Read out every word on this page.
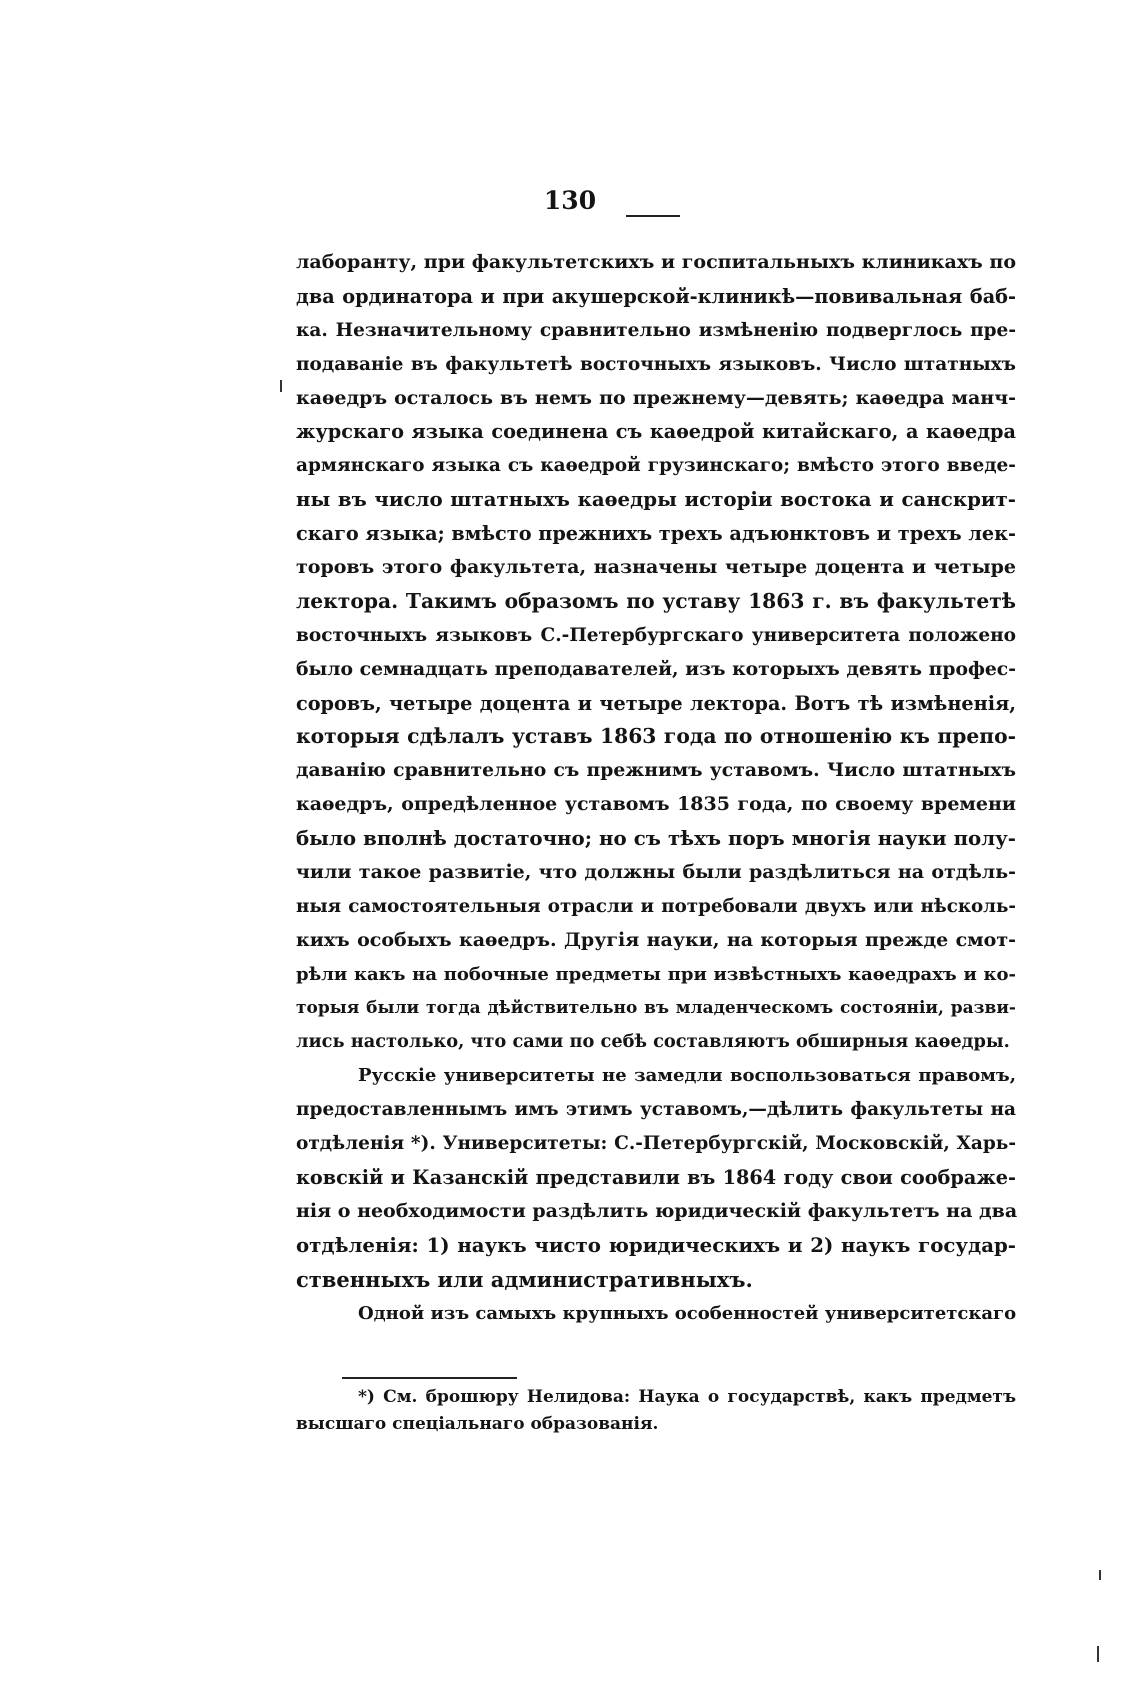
130
лаборанту, при факультетскихъ и госпитальныхъ клиникахъ по
два ординатора и при акушерской-клиникѣ—повивальная баб-
ка. Незначительному сравнительно измѣненію подверглось пре-
подаваніе въ факультетѣ восточныхъ языковъ. Число штатныхъ
каѳедръ осталось въ немъ по прежнему—девять; каѳедра манч-
журскаго языка соединена съ каѳедрой китайскаго, а каѳедра
армянскаго языка съ каѳедрой грузинскаго; вмѣсто этого введе-
ны въ число штатныхъ каѳедры исторіи востока и санскрит-
скаго языка; вмѣсто прежнихъ трехъ адъюнктовъ и трехъ лек-
торовъ этого факультета, назначены четыре доцента и четыре
лектора. Такимъ образомъ по уставу 1863 г. въ факультетѣ
восточныхъ языковъ С.-Петербургскаго университета положено
было семнадцать преподавателей, изъ которыхъ девять профес-
соровъ, четыре доцента и четыре лектора. Вотъ тѣ измѣненія,
которыя сдѣлалъ уставъ 1863 года по отношенію къ препо-
даванію сравнительно съ прежнимъ уставомъ. Число штатныхъ
каѳедръ, опредѣленное уставомъ 1835 года, по своему времени
было вполнѣ достаточно; но съ тѣхъ поръ многія науки полу-
чили такое развитіе, что должны были раздѣлиться на отдѣль-
ныя самостоятельныя отрасли и потребовали двухъ или нѣсколь-
кихъ особыхъ каѳедръ. Другія науки, на которыя прежде смот-
рѣли какъ на побочные предметы при извѣстныхъ каѳедрахъ и ко-
торыя были тогда дѣйствительно въ младенческомъ состояніи, разви-
лись настолько, что сами по себѣ составляютъ обширныя каѳедры.
Русскіе университеты не замедли воспользоваться правомъ,
предоставленнымъ имъ этимъ уставомъ,—дѣлить факультеты на
отдѣленія *). Университеты: С.-Петербургскій, Московскій, Харь-
ковскій и Казанскій представили въ 1864 году свои соображе-
нія о необходимости раздѣлить юридическій факультетъ на два
отдѣленія: 1) наукъ чисто юридическихъ и 2) наукъ государ-
ственныхъ или административныхъ.
Одной изъ самыхъ крупныхъ особенностей университетскаго
*) См. брошюру Нелидова: Наука о государствѣ, какъ предметъ
высшаго спеціальнаго образованія.
